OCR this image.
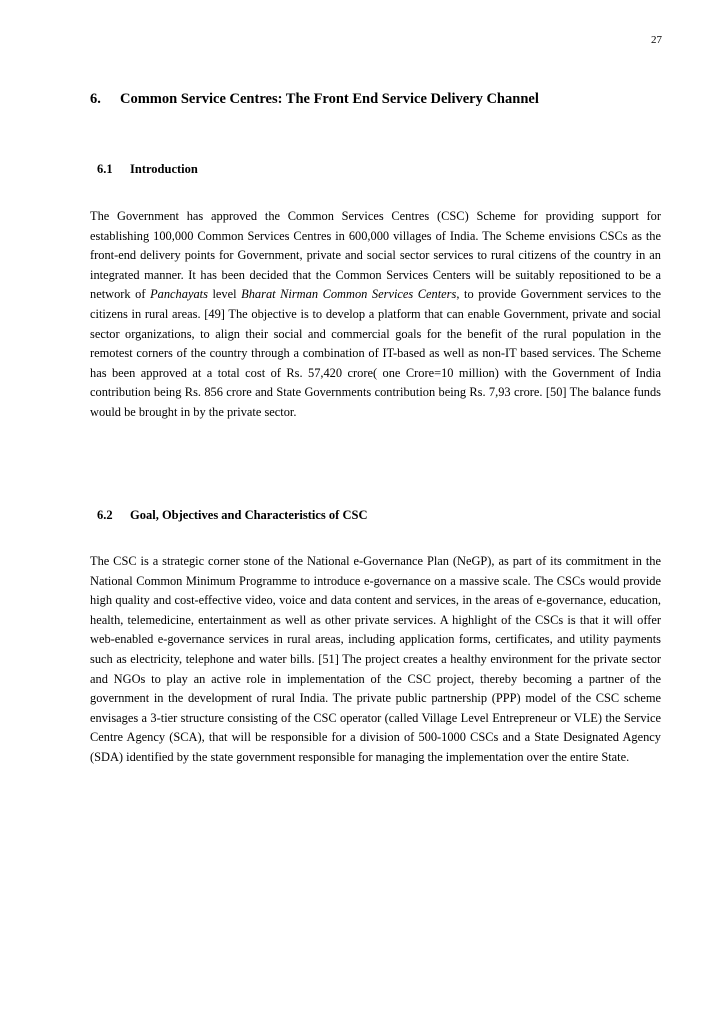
27
6. Common Service Centres: The Front End Service Delivery Channel
6.1 Introduction

The Government has approved the Common Services Centres (CSC) Scheme for providing support for establishing 100,000 Common Services Centres in 600,000 villages of India. The Scheme envisions CSCs as the front-end delivery points for Government, private and social sector services to rural citizens of the country in an integrated manner. It has been decided that the Common Services Centers will be suitably repositioned to be a network of Panchayats level Bharat Nirman Common Services Centers, to provide Government services to the citizens in rural areas. [49] The objective is to develop a platform that can enable Government, private and social sector organizations, to align their social and commercial goals for the benefit of the rural population in the remotest corners of the country through a combination of IT-based as well as non-IT based services. The Scheme has been approved at a total cost of Rs. 57,420 crore( one Crore=10 million) with the Government of India contribution being Rs. 856 crore and State Governments contribution being Rs. 7,93 crore. [50] The balance funds would be brought in by the private sector.

6.2 Goal, Objectives and Characteristics of CSC

The CSC is a strategic corner stone of the National e-Governance Plan (NeGP), as part of its commitment in the National Common Minimum Programme to introduce e-governance on a massive scale. The CSCs would provide high quality and cost-effective video, voice and data content and services, in the areas of e-governance, education, health, telemedicine, entertainment as well as other private services. A highlight of the CSCs is that it will offer web-enabled e-governance services in rural areas, including application forms, certificates, and utility payments such as electricity, telephone and water bills. [51] The project creates a healthy environment for the private sector and NGOs to play an active role in implementation of the CSC project, thereby becoming a partner of the government in the development of rural India. The private public partnership (PPP) model of the CSC scheme envisages a 3-tier structure consisting of the CSC operator (called Village Level Entrepreneur or VLE) the Service Centre Agency (SCA), that will be responsible for a division of 500-1000 CSCs and a State Designated Agency (SDA) identified by the state government responsible for managing the implementation over the entire State.
